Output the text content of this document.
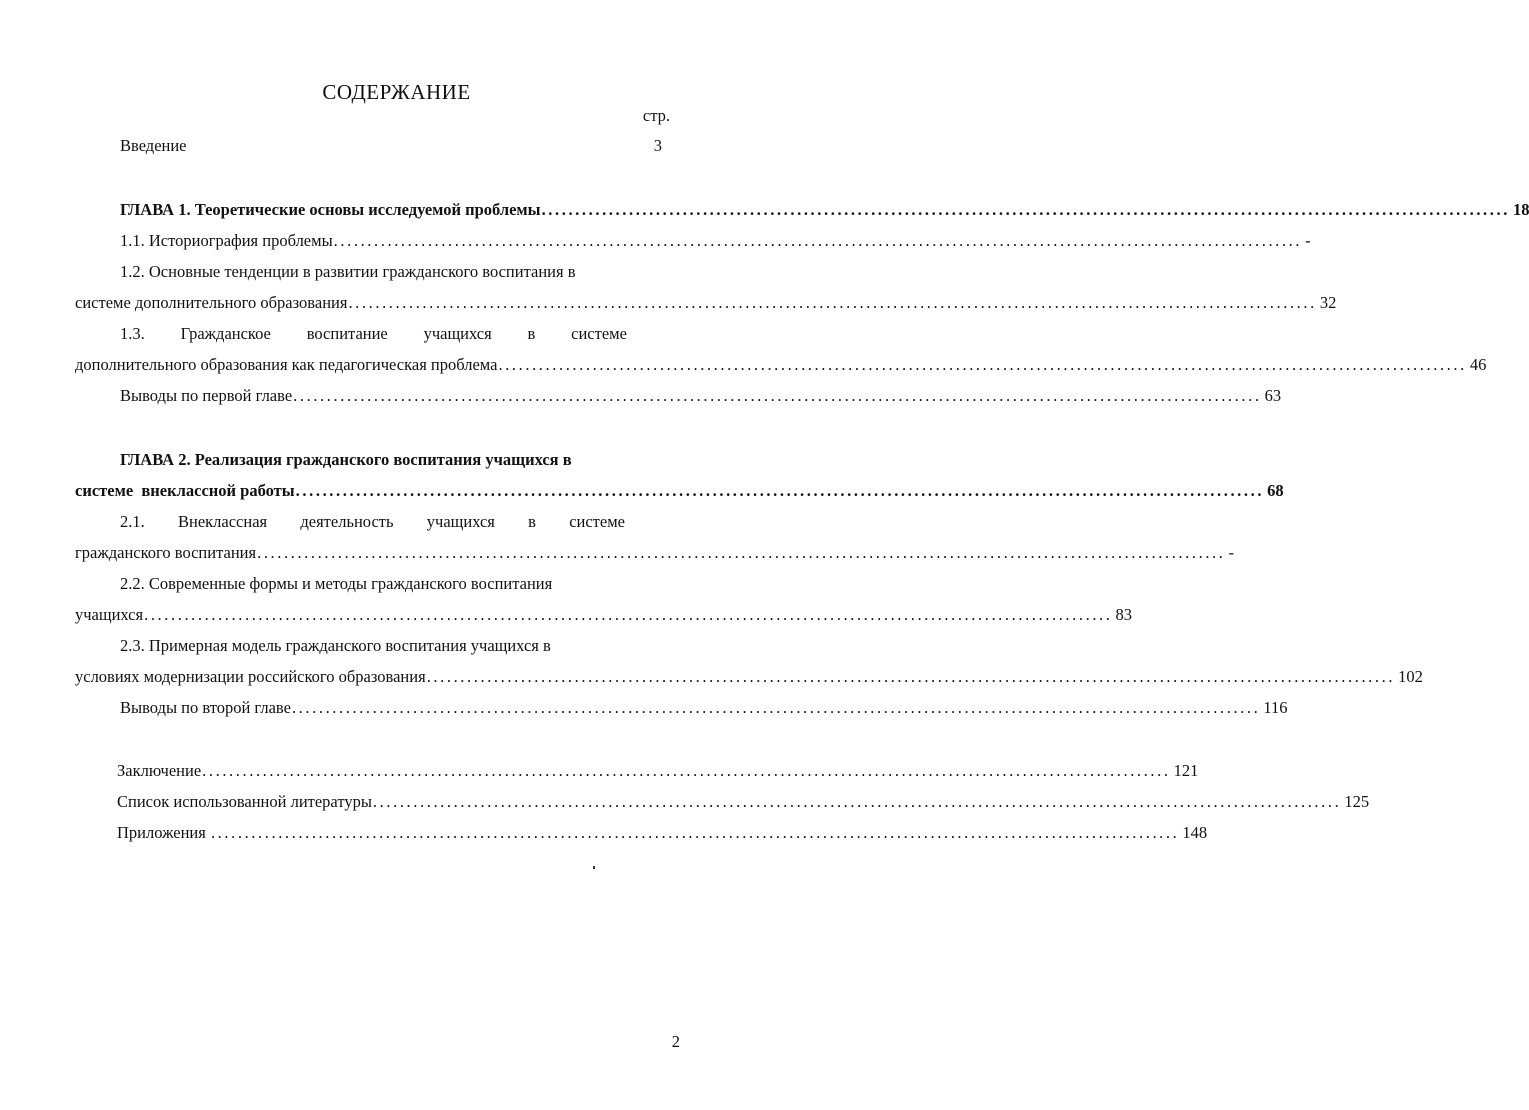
СОДЕРЖАНИЕ
стр.
Введение	3
ГЛАВА 1. Теоретические основы исследуемой проблемы ................................................................................................................................................ 18
1.1. Историография проблемы ................................................................................................................................................ -
1.2. Основные тенденции в развитии гражданского воспитания в
системе дополнительного образования ................................................................................................................................................ 32
1.3. Гражданское воспитание учащихся в системе
дополнительного образования как педагогическая проблема ................................................................................................................................................ 46
Выводы по первой главе ................................................................................................................................................ 63
ГЛАВА 2. Реализация гражданского воспитания учащихся в
системе  внеклассной работы ................................................................................................................................................ 68
2.1. Внеклассная деятельность учащихся в системе
гражданского воспитания ................................................................................................................................................ -
2.2. Современные формы и методы гражданского воспитания
учащихся ................................................................................................................................................ 83
2.3. Примерная модель гражданского воспитания учащихся в
условиях модернизации российского образования ................................................................................................................................................ 102
Выводы по второй главе ................................................................................................................................................ 116
Заключение ................................................................................................................................................ 121
Список использованной литературы ................................................................................................................................................ 125
Приложения ................................................................................................................................................ 148
2
